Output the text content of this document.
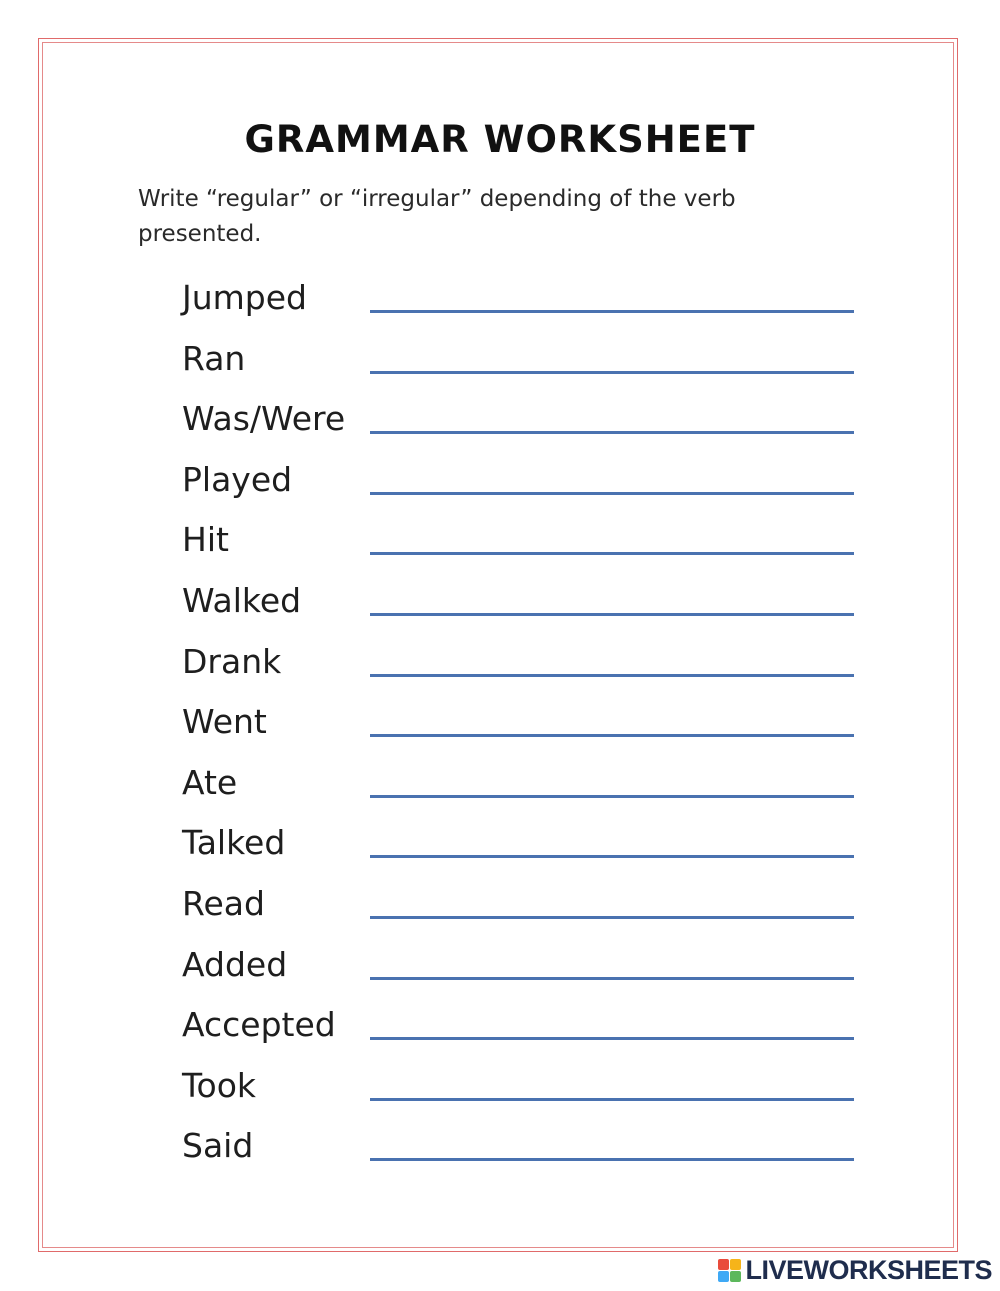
GRAMMAR WORKSHEET

Write “regular” or “irregular” depending of the verb presented.

Jumped
Ran
Was/Were
Played
Hit
Walked
Drank
Went
Ate
Talked
Read
Added
Accepted
Took
Said
LIVEWORKSHEETS
